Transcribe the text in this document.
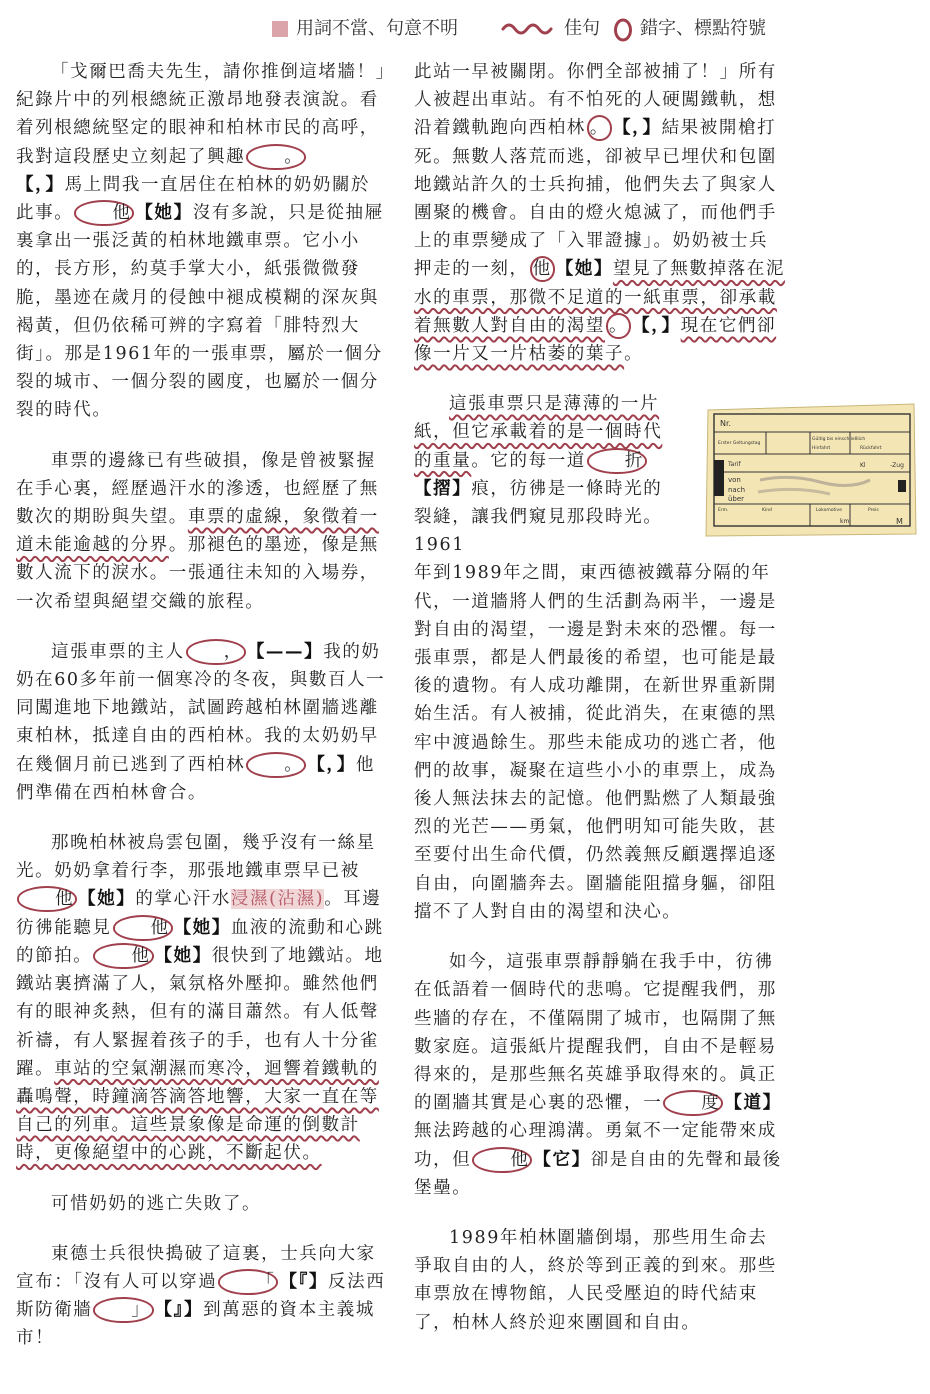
用詞不當、句意不明	佳句	錯字、標點符號

「戈爾巴喬夫先生，請你推倒這堵牆！」紀錄片中的列根總統正激昂地發表演說。看着列根總統堅定的眼神和柏林市民的高呼，我對這段歷史立刻起了興趣 。
【，】馬上問我一直居住在柏林的奶奶關於此事。 他 【她】沒有多說，只是從抽屜裏拿出一張泛黃的柏林地鐵車票。它小小的，長方形，約莫手掌大小，紙張微微發脆，墨迹在歲月的侵蝕中褪成模糊的深灰與褐黃，但仍依稀可辨的字寫着「腓特烈大街」。那是1961年的一張車票，屬於一個分裂的城市、一個分裂的國度，也屬於一個分裂的時代。

車票的邊緣已有些破損，像是曾被緊握在手心裏，經歷過汗水的滲透，也經歷了無數次的期盼與失望。車票的虛線，象徵着一道未能逾越的分界。那褪色的墨迹，像是無數人流下的淚水。一張通往未知的入場券，一次希望與絕望交織的旅程。

這張車票的主人 ， 【——】我的奶奶在60多年前一個寒冷的冬夜，與數百人一同闖進地下地鐵站，試圖跨越柏林圍牆逃離東柏林，抵達自由的西柏林。我的太奶奶早在幾個月前已逃到了西柏林 。 【，】他們準備在西柏林會合。

那晚柏林被烏雲包圍，幾乎沒有一絲星光。奶奶拿着行李，那張地鐵車票早已被他 【她】的掌心汗水浸濕(沾濕)。耳邊彷彿能聽見 他 【她】血液的流動和心跳的節拍。 他 【她】很快到了地鐵站。地鐵站裏擠滿了人，氣氛格外壓抑。雖然他們有的眼神炙熱，但有的滿目蕭然。有人低聲祈禱，有人緊握着孩子的手，也有人十分雀躍。車站的空氣潮濕而寒冷，迴響着鐵軌的轟鳴聲，時鐘滴答滴答地響，大家一直在等自己的列車。這些景象像是命運的倒數計時，更像絕望中的心跳，不斷起伏。

可惜奶奶的逃亡失敗了。

東德士兵很快搗破了這裏，士兵向大家宣布：「沒有人可以穿過 「 【『】反法西斯防衛牆 」 【』】到萬惡的資本主義城市！

此站一早被關閉。你們全部被捕了！」所有人被趕出車站。有不怕死的人硬闖鐵軌，想沿着鐵軌跑向西柏林 。 【，】結果被開槍打死。無數人落荒而逃，卻被早已埋伏和包圍地鐵站許久的士兵拘捕，他們失去了與家人團聚的機會。自由的燈火熄滅了，而他們手上的車票變成了「入罪證據」。奶奶被士兵押走的一刻， 他 【她】望見了無數掉落在泥水的車票，那微不足道的一紙車票，卻承載着無數人對自由的渴望 。 【，】現在它們卻像一片又一片枯萎的葉子。

這張車票只是薄薄的一片紙，但它承載着的是一個時代的重量。它的每一道 折【摺】痕，彷彿是一條時光的裂縫，讓我們窺見那段時光。1961

年到1989年之間，東西德被鐵幕分隔的年代，一道牆將人們的生活劃為兩半，一邊是對自由的渴望，一邊是對未來的恐懼。每一張車票，都是人們最後的希望，也可能是最後的遺物。有人成功離開，在新世界重新開始生活。有人被捕，從此消失，在東德的黑牢中渡過餘生。那些未能成功的逃亡者，他們的故事，凝聚在這些小小的車票上，成為後人無法抹去的記憶。他們點燃了人類最強烈的光芒——勇氣，他們明知可能失敗，甚至要付出生命代價，仍然義無反顧選擇追逐自由，向圍牆奔去。圍牆能阻擋身軀，卻阻擋不了人對自由的渴望和決心。

如今，這張車票靜靜躺在我手中，彷彿在低語着一個時代的悲鳴。它提醒我們，那些牆的存在，不僅隔開了城市，也隔開了無數家庭。這張紙片提醒我們，自由不是輕易得來的，是那些無名英雄爭取得來的。眞正的圍牆其實是心裏的恐懼，一 度 【道】無法跨越的心理鴻溝。勇氣不一定能帶來成功，但 他 【它】卻是自由的先聲和最後堡壘。

1989年柏林圍牆倒塌，那些用生命去爭取自由的人，終於等到正義的到來。那些車票放在博物館，人民受壓迫的時代結束了，柏林人終於迎來團圓和自由。

Nr.
Erster Geltungstag
Gültig bis einschließlich
Hinfahrt	Rückfahrt
Tarif	Kl	-Zug
von
nach
über
Erm.	Kind	Lokomotive	Preis
km	M
